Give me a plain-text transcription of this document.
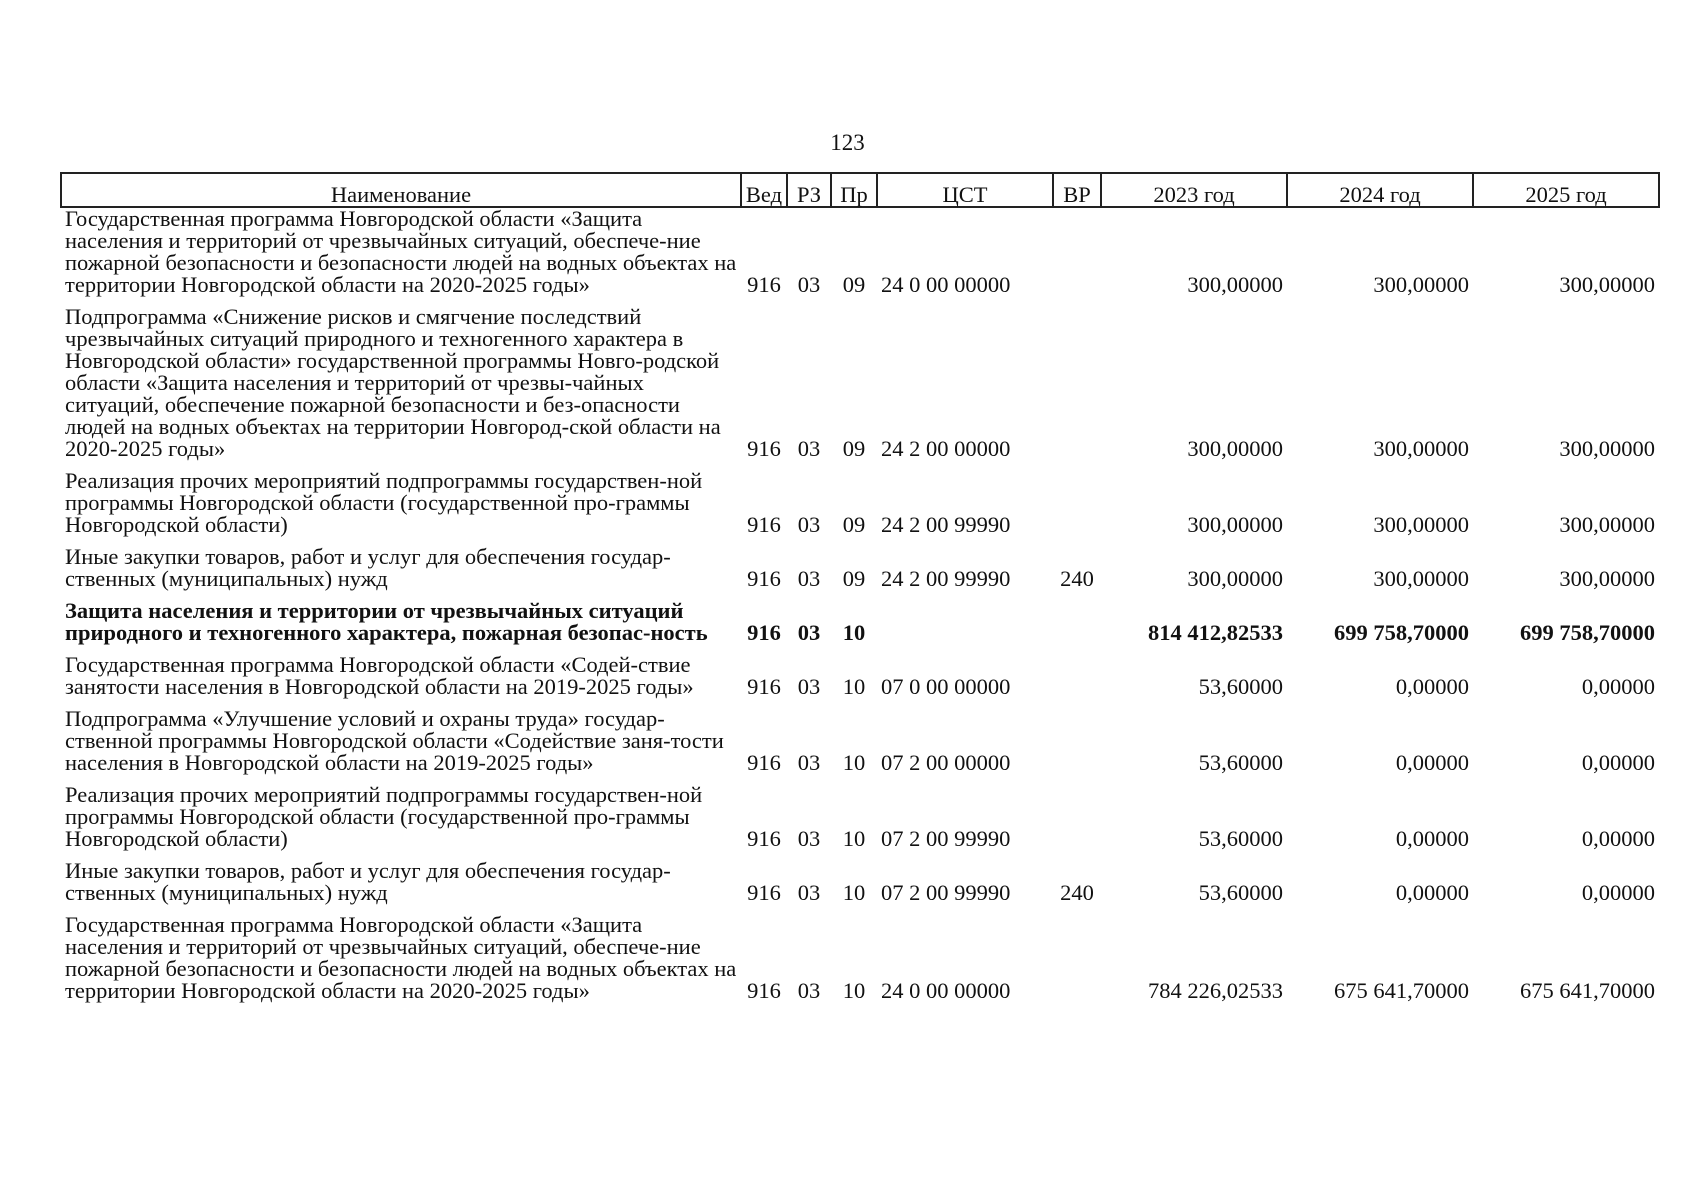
123
Наименование	Вед	РЗ	Пр	ЦСТ	ВР	2023 год	2024 год	2025 год
Государственная программа Новгородской области «Защита населения и территорий от чрезвычайных ситуаций, обеспече-ние пожарной безопасности и безопасности людей на водных объектах на территории Новгородской области на 2020-2025 годы»	916	03	09	24 0 00 00000		300,00000	300,00000	300,00000
Подпрограмма «Снижение рисков и смягчение последствий чрезвычайных ситуаций природного и техногенного характера в Новгородской области» государственной программы Новго-родской области «Защита населения и территорий от чрезвы-чайных ситуаций, обеспечение пожарной безопасности и без-опасности людей на водных объектах на территории Новгород-ской области на 2020-2025 годы»	916	03	09	24 2 00 00000		300,00000	300,00000	300,00000
Реализация прочих мероприятий подпрограммы государствен-ной программы Новгородской области (государственной про-граммы Новгородской области)	916	03	09	24 2 00 99990		300,00000	300,00000	300,00000
Иные закупки товаров, работ и услуг для обеспечения государ-ственных (муниципальных) нужд	916	03	09	24 2 00 99990	240	300,00000	300,00000	300,00000
Защита населения и территории от чрезвычайных ситуаций природного и техногенного характера, пожарная безопас-ность	916	03	10			814 412,82533	699 758,70000	699 758,70000
Государственная программа Новгородской области «Содей-ствие занятости населения в Новгородской области на 2019-2025 годы»	916	03	10	07 0 00 00000		53,60000	0,00000	0,00000
Подпрограмма «Улучшение условий и охраны труда» государ-ственной программы Новгородской области «Содействие заня-тости населения в Новгородской области на 2019-2025 годы»	916	03	10	07 2 00 00000		53,60000	0,00000	0,00000
Реализация прочих мероприятий подпрограммы государствен-ной программы Новгородской области (государственной про-граммы Новгородской области)	916	03	10	07 2 00 99990		53,60000	0,00000	0,00000
Иные закупки товаров, работ и услуг для обеспечения государ-ственных (муниципальных) нужд	916	03	10	07 2 00 99990	240	53,60000	0,00000	0,00000
Государственная программа Новгородской области «Защита населения и территорий от чрезвычайных ситуаций, обеспече-ние пожарной безопасности и безопасности людей на водных объектах на территории Новгородской области на 2020-2025 годы»	916	03	10	24 0 00 00000		784 226,02533	675 641,70000	675 641,70000
